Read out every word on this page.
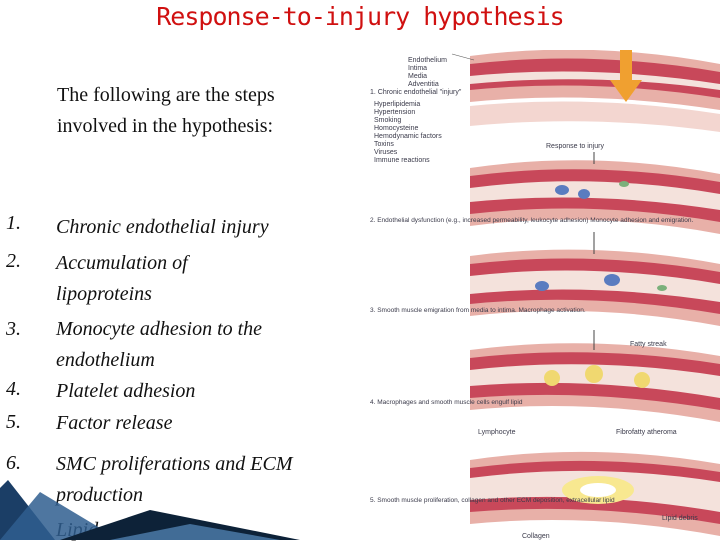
Response-to-injury hypothesis
The following are the steps involved in the hypothesis:
1. Chronic endothelial injury
2. Accumulation of lipoproteins
3. Monocyte adhesion to the endothelium
4. Platelet adhesion
5. Factor release
6. SMC proliferations and ECM production
Endothelium
Intima
Media
Adventitia
1. Chronic endothelial "injury"
Hyperlipidemia
Hypertension
Smoking
Homocysteine
Hemodynamic factors
Toxins
Viruses
Immune reactions
Response to injury
2. Endothelial dysfunction (e.g., increased permeability, leukocyte adhesion) Monocyte adhesion and emigration.
3. Smooth muscle emigration from media to intima. Macrophage activation.
Fatty streak
4. Macrophages and smooth muscle cells engulf lipid
Lymphocyte	Fibrofatty atheroma
5. Smooth muscle proliferation, collagen and other ECM deposition, extracellular lipid
Lipid debris
Collagen
